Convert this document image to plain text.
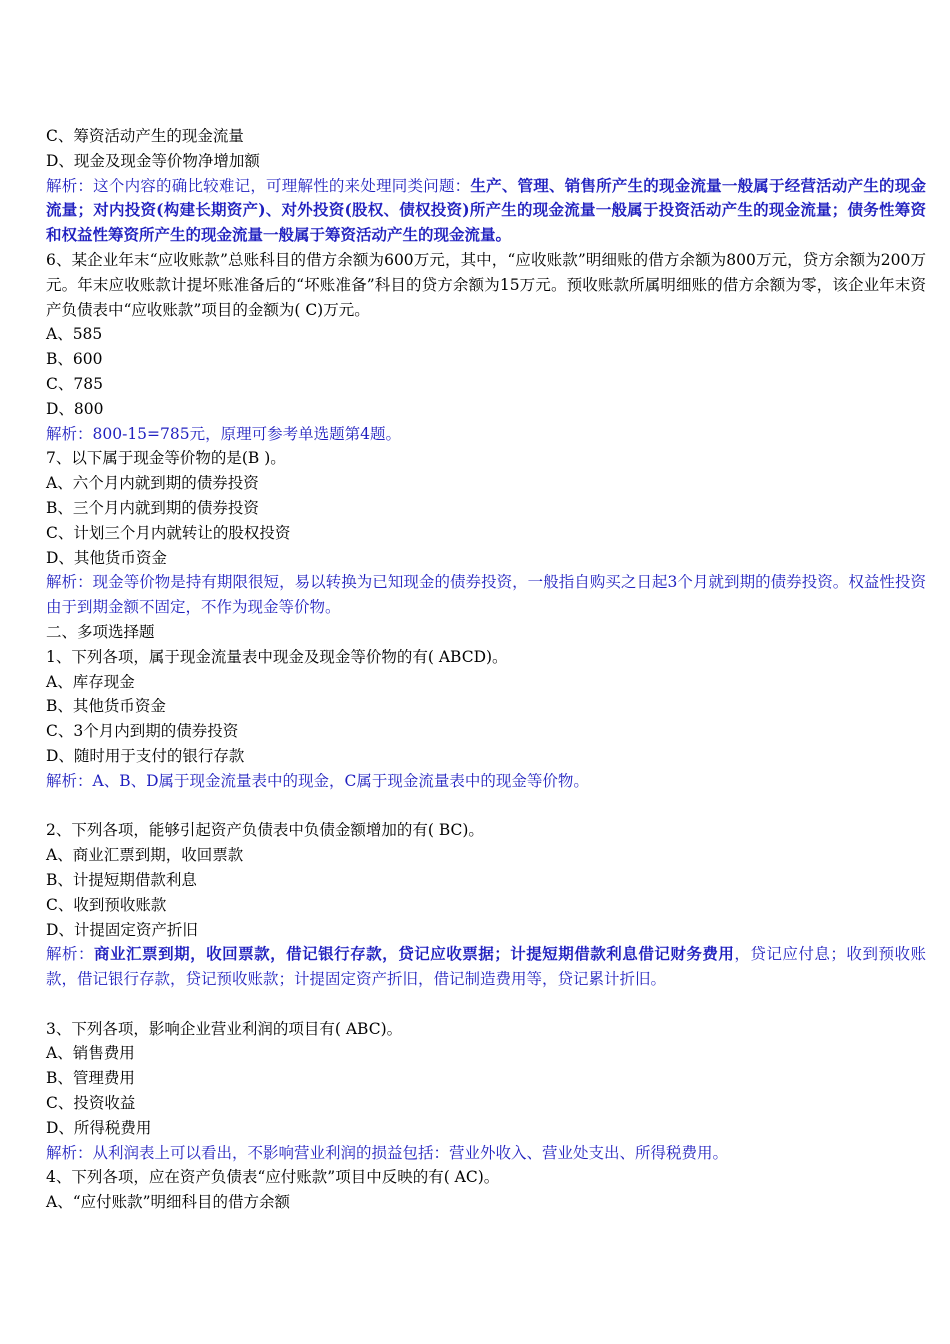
C、筹资活动产生的现金流量
D、现金及现金等价物净增加额
解析：这个内容的确比较难记，可理解性的来处理同类问题：生产、管理、销售所产生的现金流量一般属于经营活动产生的现金流量；对内投资(构建长期资产)、对外投资(股权、债权投资)所产生的现金流量一般属于投资活动产生的现金流量；债务性筹资和权益性筹资所产生的现金流量一般属于筹资活动产生的现金流量。
6、某企业年末“应收账款”总账科目的借方余额为600万元，其中，“应收账款”明细账的借方余额为800万元，贷方余额为200万元。年末应收账款计提坏账准备后的“坏账准备”科目的贷方余额为15万元。预收账款所属明细账的借方余额为零，该企业年末资产负债表中“应收账款”项目的金额为( C)万元。
A、585
B、600
C、785
D、800
解析：800-15=785元，原理可参考单选题第4题。
7、以下属于现金等价物的是(B )。
A、六个月内就到期的债券投资
B、三个月内就到期的债券投资
C、计划三个月内就转让的股权投资
D、其他货币资金
解析：现金等价物是持有期限很短，易以转换为已知现金的债券投资，一般指自购买之日起3个月就到期的债券投资。权益性投资由于到期金额不固定，不作为现金等价物。
二、多项选择题
1、下列各项，属于现金流量表中现金及现金等价物的有( ABCD)。
A、库存现金
B、其他货币资金
C、3个月内到期的债券投资
D、随时用于支付的银行存款
解析：A、B、D属于现金流量表中的现金，C属于现金流量表中的现金等价物。
2、下列各项，能够引起资产负债表中负债金额增加的有( BC)。
A、商业汇票到期，收回票款
B、计提短期借款利息
C、收到预收账款
D、计提固定资产折旧
解析：商业汇票到期，收回票款，借记银行存款，贷记应收票据；计提短期借款利息借记财务费用，贷记应付息；收到预收账款，借记银行存款，贷记预收账款；计提固定资产折旧，借记制造费用等，贷记累计折旧。
3、下列各项，影响企业营业利润的项目有( ABC)。
A、销售费用
B、管理费用
C、投资收益
D、所得税费用
解析：从利润表上可以看出，不影响营业利润的损益包括：营业外收入、营业处支出、所得税费用。
4、下列各项，应在资产负债表“应付账款”项目中反映的有( AC)。
A、“应付账款”明细科目的借方余额
